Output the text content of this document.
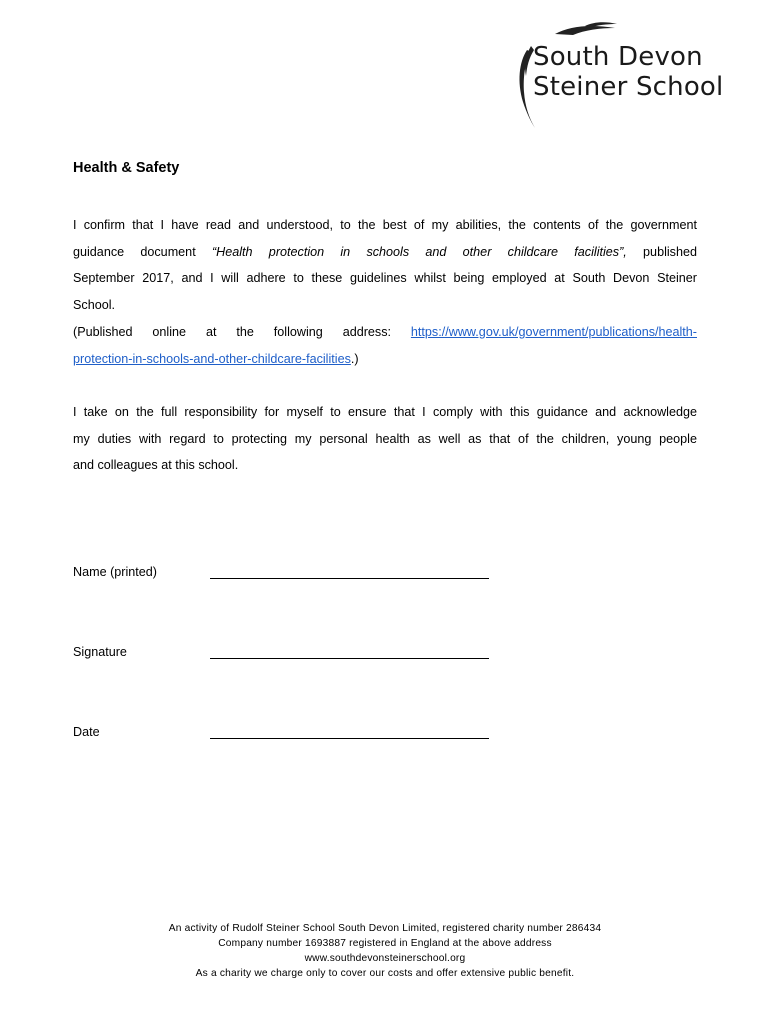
South Devon
Steiner School
Health & Safety
I confirm that I have read and understood, to the best of my abilities, the contents of the government
guidance document “Health protection in schools and other childcare facilities”, published
September 2017, and I will adhere to these guidelines whilst being employed at South Devon Steiner
School.
(Published online at the following address: https://www.gov.uk/government/publications/health-
protection-in-schools-and-other-childcare-facilities.)
I take on the full responsibility for myself to ensure that I comply with this guidance and acknowledge
my duties with regard to protecting my personal health as well as that of the children, young people
and colleagues at this school.
Name (printed)
Signature
Date
An activity of Rudolf Steiner School South Devon Limited, registered charity number 286434
Company number 1693887 registered in England at the above address
www.southdevonsteinerschool.org
As a charity we charge only to cover our costs and offer extensive public benefit.
